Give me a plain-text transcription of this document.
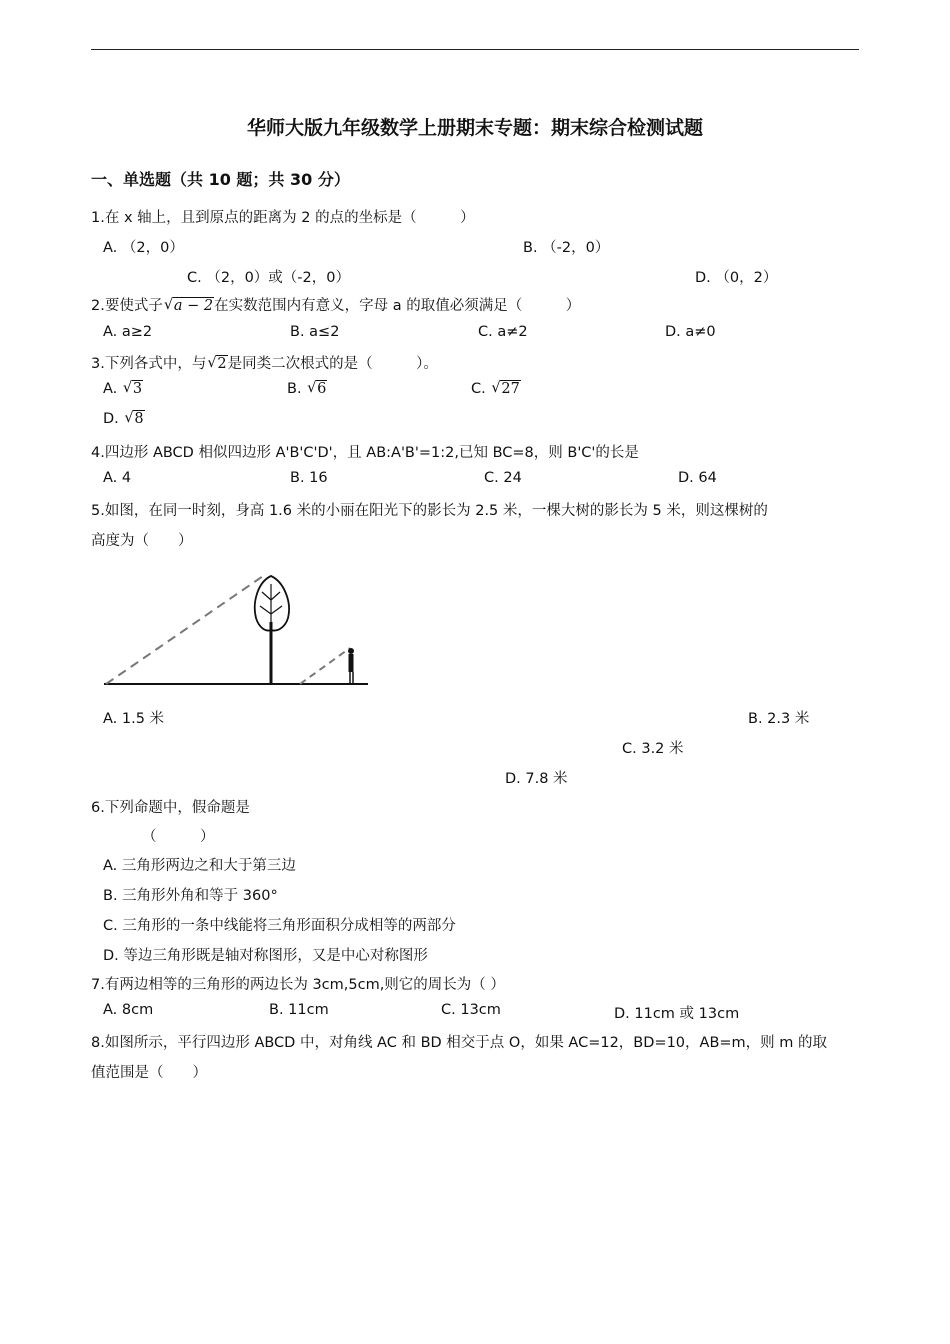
华师大版九年级数学上册期末专题：期末综合检测试题
一、单选题（共 10 题；共 30 分）
1.在 x 轴上，且到原点的距离为 2 的点的坐标是（　　　）
A. （2，0）	B. （-2，0）
C. （2，0）或（-2，0）	D. （0，2）
2.要使式子 √ a − 2在实数范围内有意义，字母 a 的取值必须满足（　　　）
A. a≥2	B. a≤2	C. a≠2	D. a≠0
3.下列各式中，与 √ 2是同类二次根式的是（　　　）。
A. √ 3	B. √ 6	C. √ 27
D. √ 8
4.四边形 ABCD 相似四边形 A'B'C'D'，且 AB:A'B'=1:2,已知 BC=8，则 B'C'的长是
A. 4	B. 16	C. 24	D. 64
5.如图，在同一时刻，身高 1.6 米的小丽在阳光下的影长为 2.5 米，一棵大树的影长为 5 米，则这棵树的
高度为（　　）
A. 1.5 米	B. 2.3 米
C. 3.2 米
D. 7.8 米
6.下列命题中，假命题是
（　　　）
A. 三角形两边之和大于第三边
B. 三角形外角和等于 360°
C. 三角形的一条中线能将三角形面积分成相等的两部分
D. 等边三角形既是轴对称图形，又是中心对称图形
7.有两边相等的三角形的两边长为 3cm,5cm,则它的周长为（ ）
A. 8cm	B. 11cm	C. 13cm	D. 11cm 或 13cm
8.如图所示，平行四边形 ABCD 中，对角线 AC 和 BD 相交于点 O，如果 AC=12，BD=10，AB=m，则 m 的取
值范围是（　　）
